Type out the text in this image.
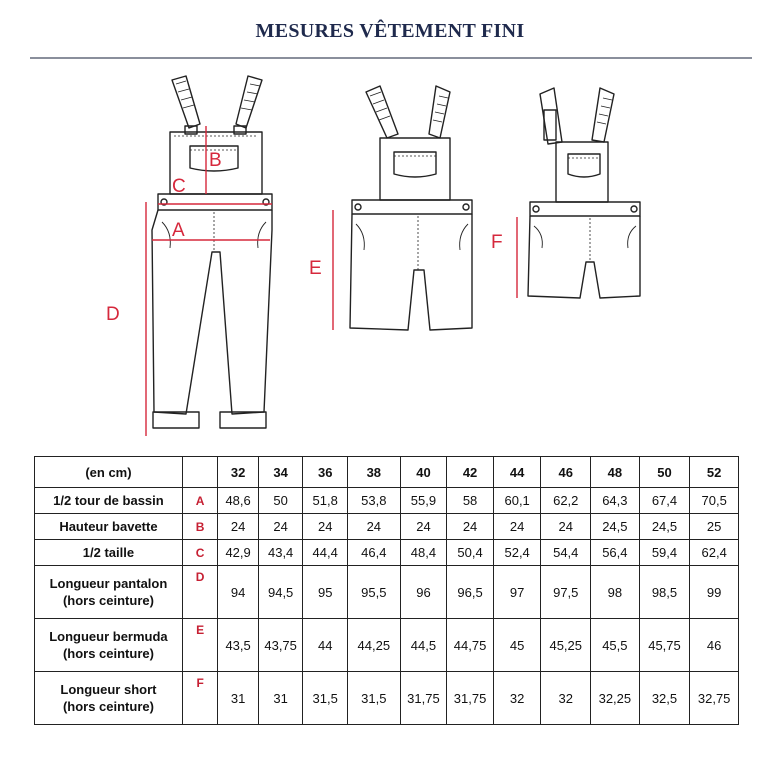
MESURES VÊTEMENT FINI
B
C
A
D
E
F
(en cm)		32	34	36	38	40	42	44	46	48	50	52

1/2 tour de bassin	A	48,6	50	51,8	53,8	55,9	58	60,1	62,2	64,3	67,4	70,5

Hauteur bavette	B	24	24	24	24	24	24	24	24	24,5	24,5	25

1/2 taille	C	42,9	43,4	44,4	46,4	48,4	50,4	52,4	54,4	56,4	59,4	62,4

Longueur pantalon
(hors ceinture)	D	94	94,5	95	95,5	96	96,5	97	97,5	98	98,5	99

Longueur bermuda
(hors ceinture)	E	43,5	43,75	44	44,25	44,5	44,75	45	45,25	45,5	45,75	46

Longueur short
(hors ceinture)	F	31	31	31,5	31,5	31,75	31,75	32	32	32,25	32,5	32,75
